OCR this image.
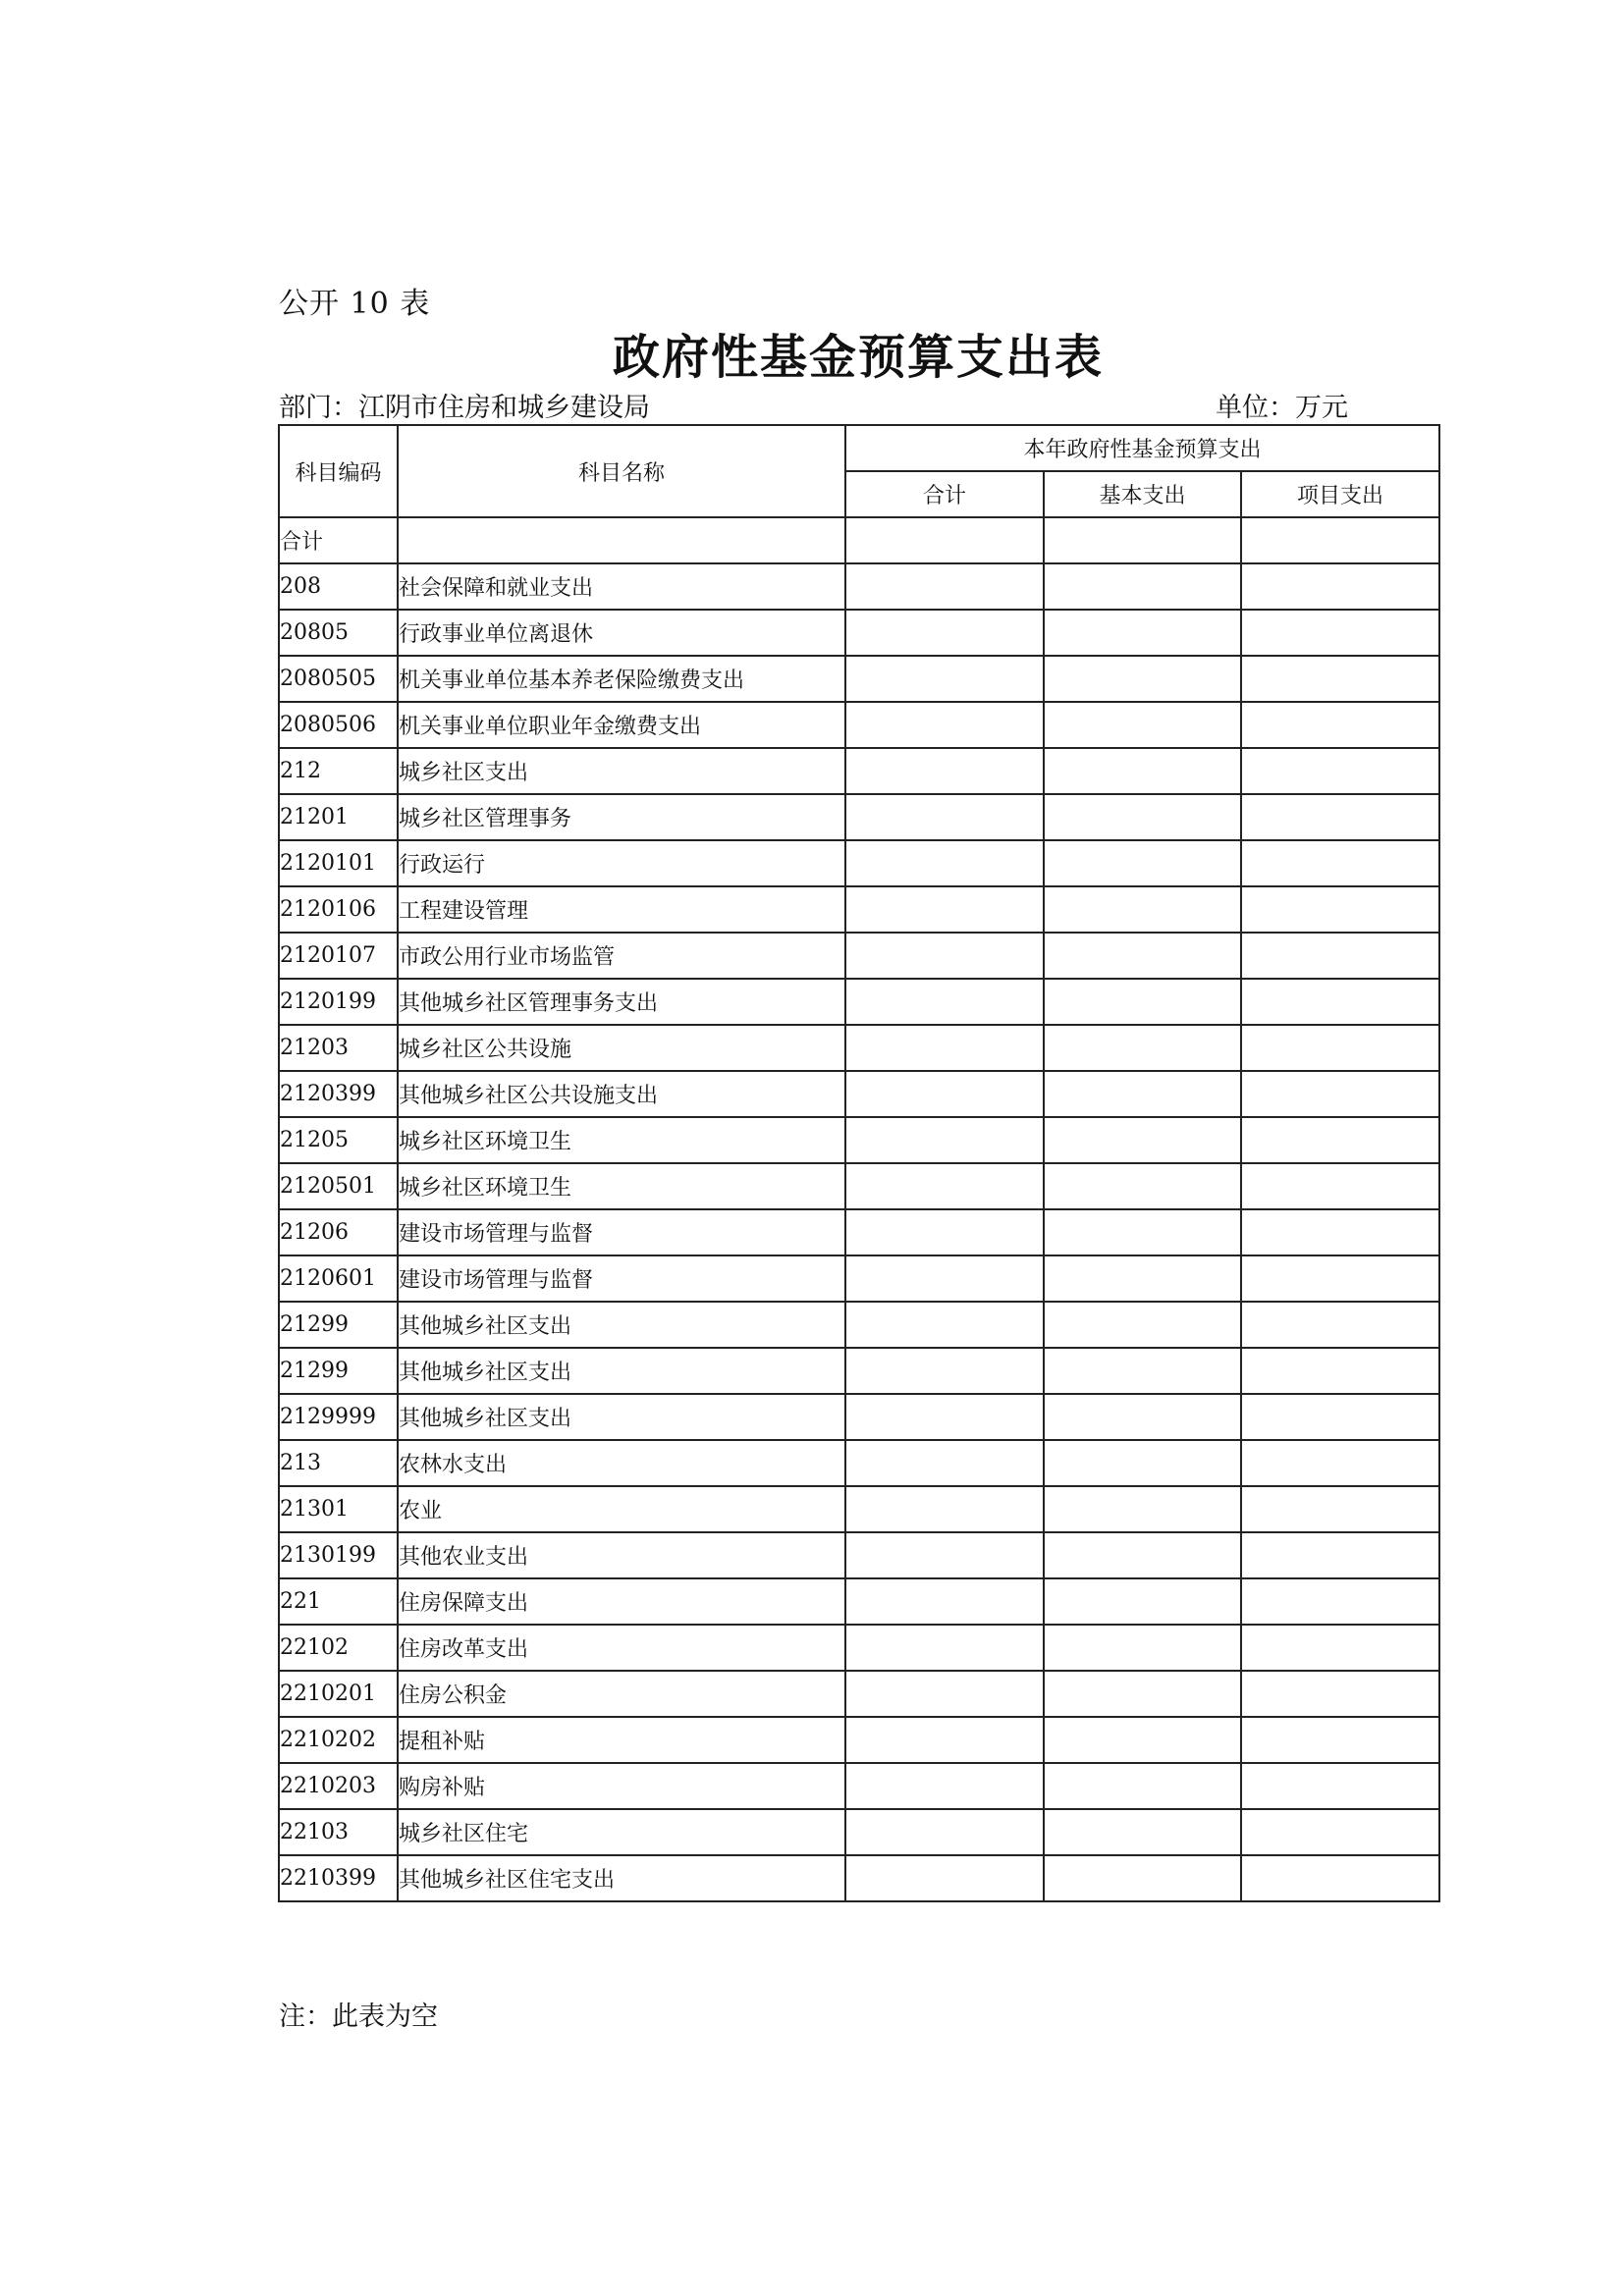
公开 10 表
政府性基金预算支出表
部门：江阴市住房和城乡建设局	单位：万元
科目编码	科目名称	本年政府性基金预算支出		
		合计	基本支出	项目支出
合计				
208	社会保障和就业支出			
20805	行政事业单位离退休			
2080505	机关事业单位基本养老保险缴费支出			
2080506	机关事业单位职业年金缴费支出			
212	城乡社区支出			
21201	城乡社区管理事务			
2120101	行政运行			
2120106	工程建设管理			
2120107	市政公用行业市场监管			
2120199	其他城乡社区管理事务支出			
21203	城乡社区公共设施			
2120399	其他城乡社区公共设施支出			
21205	城乡社区环境卫生			
2120501	城乡社区环境卫生			
21206	建设市场管理与监督			
2120601	建设市场管理与监督			
21299	其他城乡社区支出			
21299	其他城乡社区支出			
2129999	其他城乡社区支出			
213	农林水支出			
21301	农业			
2130199	其他农业支出			
221	住房保障支出			
22102	住房改革支出			
2210201	住房公积金			
2210202	提租补贴			
2210203	购房补贴			
22103	城乡社区住宅			
2210399	其他城乡社区住宅支出			
注：此表为空
